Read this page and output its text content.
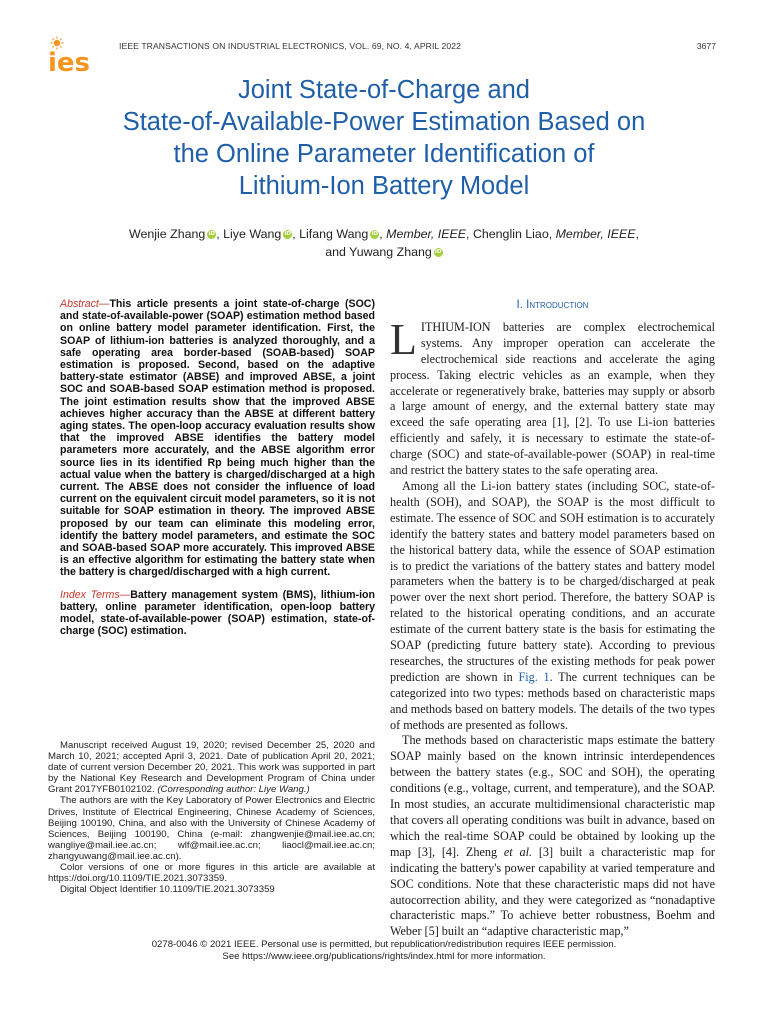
ies
IEEE TRANSACTIONS ON INDUSTRIAL ELECTRONICS, VOL. 69, NO. 4, APRIL 2022	3677
Joint State-of-Charge and
State-of-Available-Power Estimation Based on
the Online Parameter Identification of
Lithium-Ion Battery Model
Wenjie Zhang iD, Liye Wang iD, Lifang Wang iD, Member, IEEE, Chenglin Liao, Member, IEEE,
and Yuwang Zhang iD

Abstract—This article presents a joint state-of-charge (SOC) and state-of-available-power (SOAP) estimation method based on online battery model parameter identification. First, the SOAP of lithium-ion batteries is analyzed thoroughly, and a safe operating area border-based (SOAB-based) SOAP estimation is proposed. Second, based on the adaptive battery-state estimator (ABSE) and improved ABSE, a joint SOC and SOAB-based SOAP estimation method is proposed. The joint estimation results show that the improved ABSE achieves higher accuracy than the ABSE at different battery aging states. The open-loop accuracy evaluation results show that the improved ABSE identifies the battery model parameters more accurately, and the ABSE algorithm error source lies in its identified Rp being much higher than the actual value when the battery is charged/discharged at a high current. The ABSE does not consider the influence of load current on the equivalent circuit model parameters, so it is not suitable for SOAP estimation in theory. The improved ABSE proposed by our team can eliminate this modeling error, identify the battery model parameters, and estimate the SOC and SOAB-based SOAP more accurately. This improved ABSE is an effective algorithm for estimating the battery state when the battery is charged/discharged with a high current.

Index Terms—Battery management system (BMS), lithium-ion battery, online parameter identification, open-loop battery model, state-of-available-power (SOAP) estimation, state-of-charge (SOC) estimation.

Manuscript received August 19, 2020; revised December 25, 2020 and March 10, 2021; accepted April 3, 2021. Date of publication April 20, 2021; date of current version December 20, 2021. This work was supported in part by the National Key Research and Development Program of China under Grant 2017YFB0102102. (Corresponding author: Liye Wang.)

The authors are with the Key Laboratory of Power Electronics and Electric Drives, Institute of Electrical Engineering, Chinese Academy of Sciences, Beijing 100190, China, and also with the University of Chinese Academy of Sciences, Beijing 100190, China (e-mail: zhangwenjie@mail.iee.ac.cn; wangliye@mail.iee.ac.cn; wlf@mail.iee.ac.cn; liaocl@mail.iee.ac.cn; zhangyuwang@mail.iee.ac.cn).

Color versions of one or more figures in this article are available at https://doi.org/10.1109/TIE.2021.3073359.

Digital Object Identifier 10.1109/TIE.2021.3073359

I. Introduction

LITHIUM-ION batteries are complex electrochemical systems. Any improper operation can accelerate the electrochemical side reactions and accelerate the aging process. Taking electric vehicles as an example, when they accelerate or regeneratively brake, batteries may supply or absorb a large amount of energy, and the external battery state may exceed the safe operating area [1], [2]. To use Li-ion batteries efficiently and safely, it is necessary to estimate the state-of-charge (SOC) and state-of-available-power (SOAP) in real-time and restrict the battery states to the safe operating area.

Among all the Li-ion battery states (including SOC, state-of-health (SOH), and SOAP), the SOAP is the most difficult to estimate. The essence of SOC and SOH estimation is to accurately identify the battery states and battery model parameters based on the historical battery data, while the essence of SOAP estimation is to predict the variations of the battery states and battery model parameters when the battery is to be charged/discharged at peak power over the next short period. Therefore, the battery SOAP is related to the historical operating conditions, and an accurate estimate of the current battery state is the basis for estimating the SOAP (predicting future battery state). According to previous researches, the structures of the existing methods for peak power prediction are shown in Fig. 1. The current techniques can be categorized into two types: methods based on characteristic maps and methods based on battery models. The details of the two types of methods are presented as follows.

The methods based on characteristic maps estimate the battery SOAP mainly based on the known intrinsic interdependences between the battery states (e.g., SOC and SOH), the operating conditions (e.g., voltage, current, and temperature), and the SOAP. In most studies, an accurate multidimensional characteristic map that covers all operating conditions was built in advance, based on which the real-time SOAP could be obtained by looking up the map [3], [4]. Zheng et al. [3] built a characteristic map for indicating the battery's power capability at varied temperature and SOC conditions. Note that these characteristic maps did not have autocorrection ability, and they were categorized as “nonadaptive characteristic maps.” To achieve better robustness, Boehm and Weber [5] built an “adaptive characteristic map,”

0278-0046 © 2021 IEEE. Personal use is permitted, but republication/redistribution requires IEEE permission.
See https://www.ieee.org/publications/rights/index.html for more information.
